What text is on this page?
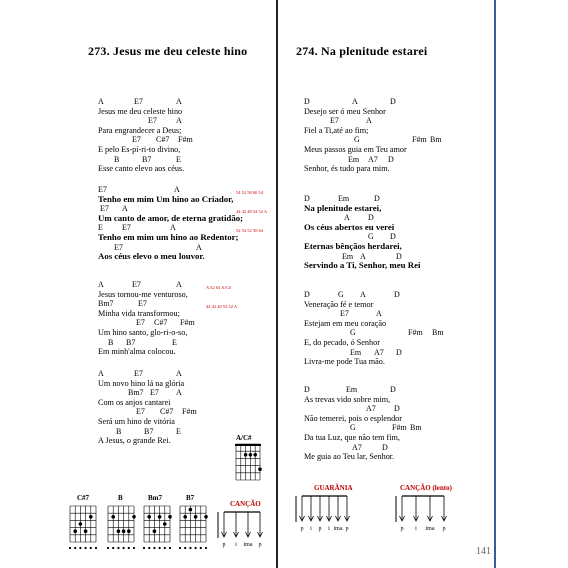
273. Jesus me deu celeste hino	274. Na plenitude estarei
A	E7	A
Jesus me deu celeste hino
E7 A
Para engrandecer a Deus;
E7 C#7 F#m
E pelo Es-pí-ri-to divino,
B	B7	E
Esse canto elevo aos céus.
E7	A	54 52 58 60 54
Tenho em mim Um hino ao Criador,
E7 A	44 42 48 54 52 A
Um canto de amor, de eterna gratidão;
E E7	A	52 54 52 50 64
Tenho em mim um hino ao Redentor;
E7	A
Aos céus elevo o meu louvor.
A	E7	A	A 52 63 A/C#
Jesus tornou-me venturoso,
Bm7	E7	44 42 40 53 52 A
Minha vida transformou;
E7 C#7 F#m
Um hino santo, glo-ri-o-so,
B B7	E
Em minh'alma colocou.
A	E7	A
Um novo hino lá na glória
Bm7 E7 A
Com os anjos cantarei
E7 C#7 F#m
Será um hino de vitória
B	B7	E
A Jesus, o grande Rei.
D	A	D
Desejo ser ó meu Senhor
E7	A
Fiel a Ti,até ao fim;
G	F#m Bm
Meus passos guia em Teu amor
Em A7 D
Senhor, és tudo para mim.
D	Em	D
Na plenitude estarei,
A D
Os céus abertos eu verei
G D
Eternas bênçãos herdarei,
Em A	D
Servindo a Ti, Senhor, meu Rei
D	G A	D
Veneração fé e temor
E7	A
Estejam em meu coração
G	F#m Bm
E, do pecado, ó Senhor
Em A7 D
Livra-me pode Tua mão.
D	Em	D
As trevas vido sobre mim,
A7 D
Não temerei, pois o esplendor
G	F#m Bm
Da tua Luz, que não tem fim,
A7	D
Me guia ao Teu lar, Senhor.
C#7	B	Bm7	B7
A/C#
CANÇÃO
GUARÂNIA	CANÇÃO (lento)
p i ima p
p i p i ima p	p i ima p
141
